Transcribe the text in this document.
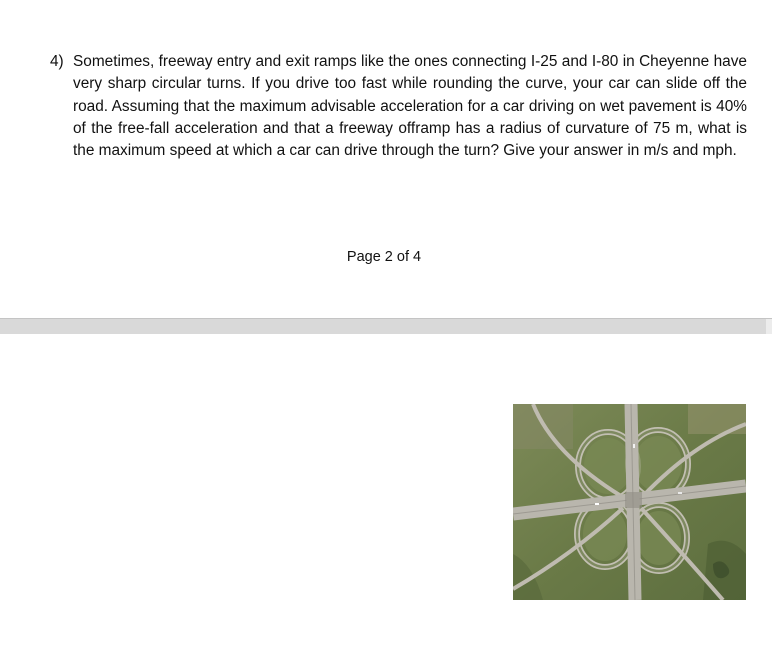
4) Sometimes, freeway entry and exit ramps like the ones connecting I-25 and I-80 in Cheyenne have very sharp circular turns. If you drive too fast while rounding the curve, your car can slide off the road. Assuming that the maximum advisable acceleration for a car driving on wet pavement is 40% of the free-fall acceleration and that a freeway offramp has a radius of curvature of 75 m, what is the maximum speed at which a car can drive through the turn? Give your answer in m/s and mph.
Page 2 of 4
